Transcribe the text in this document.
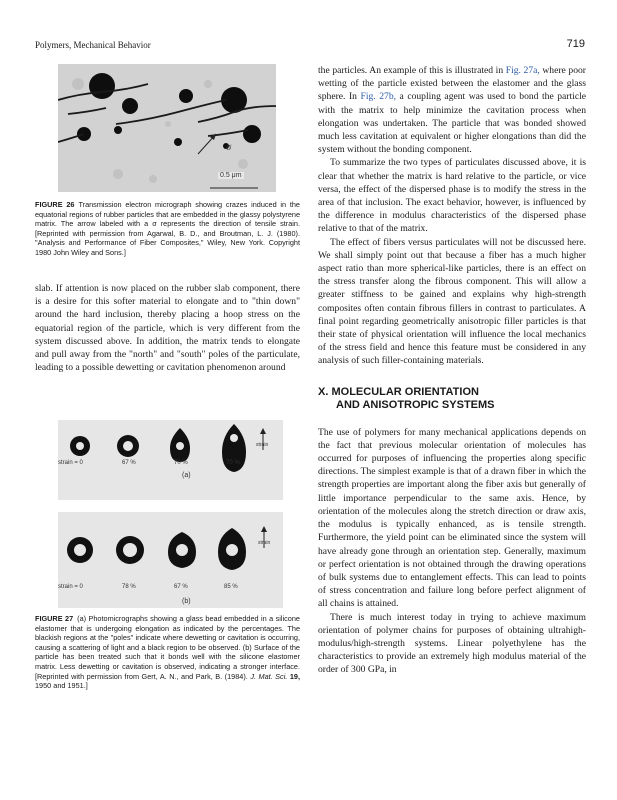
Polymers, Mechanical Behavior	719
σ
0.5 μm

FIGURE 26 Transmission electron micrograph showing crazes induced in the equatorial regions of rubber particles that are embedded in the glassy polystyrene matrix. The arrow labeled with a σ represents the direction of tensile strain. [Reprinted with permission from Agarwal, B. D., and Broutman, L. J. (1980). "Analysis and Performance of Fiber Composites," Wiley, New York. Copyright 1980 John Wiley and Sons.]

slab. If attention is now placed on the rubber slab component, there is a desire for this softer material to elongate and to "thin down" around the hard inclusion, thereby placing a hoop stress on the equatorial region of the particle, which is very different from the system discussed above. In addition, the matrix tends to elongate and pull away from the "north" and "south" poles of the particulate, leading to a possible dewetting or cavitation phenomenon around

strain = 0	67 %	70 %	70 %
strain
(a)
strain = 0	78 %	67 %	85 %
strain
(b)

FIGURE 27 (a) Photomicrographs showing a glass bead embedded in a silicone elastomer that is undergoing elongation as indicated by the percentages. The blackish regions at the "poles" indicate where dewetting or cavitation is occurring, causing a scattering of light and a black region to be observed. (b) Surface of the particle has been treated such that it bonds well with the silicone elastomer matrix. Less dewetting or cavitation is observed, indicating a stronger interface. [Reprinted with permission from Gert, A. N., and Park, B. (1984). J. Mat. Sci. 19, 1950 and 1951.]

the particles. An example of this is illustrated in Fig. 27a, where poor wetting of the particle existed between the elastomer and the glass sphere. In Fig. 27b, a coupling agent was used to bond the particle with the matrix to help minimize the cavitation process when elongation was undertaken. The particle that was bonded showed much less cavitation at equivalent or higher elongations than did the system without the bonding component.

To summarize the two types of particulates discussed above, it is clear that whether the matrix is hard relative to the particle, or vice versa, the effect of the dispersed phase is to modify the stress in the area of that inclusion. The exact behavior, however, is influenced by the difference in modulus characteristics of the dispersed phase relative to that of the matrix.

The effect of fibers versus particulates will not be discussed here. We shall simply point out that because a fiber has a much higher aspect ratio than more spherical-like particles, there is an effect on the stress transfer along the fibrous component. This will allow a greater stiffness to be gained and explains why high-strength composites often contain fibrous fillers in contrast to particulates. A final point regarding geometrically anisotropic filler particles is that their state of physical orientation will influence the local mechanics of the stress field and hence this feature must be considered in any analysis of such filler-containing materials.

X. MOLECULAR ORIENTATION
AND ANISOTROPIC SYSTEMS

The use of polymers for many mechanical applications depends on the fact that previous molecular orientation of molecules has occurred for purposes of influencing the properties along specific directions. The simplest example is that of a drawn fiber in which the strength properties are important along the fiber axis but generally of little importance perpendicular to the same axis. Hence, by orientation of the molecules along the stretch direction or draw axis, the modulus is typically enhanced, as is tensile strength. Furthermore, the yield point can be eliminated since the system will have already gone through an orientation step. Generally, maximum or perfect orientation is not obtained through the drawing operations of bulk systems due to entanglement effects. This can lead to points of stress concentration and failure long before perfect alignment of all chains is attained.

There is much interest today in trying to achieve maximum orientation of polymer chains for purposes of obtaining ultrahigh-modulus/high-strength systems. Linear polyethylene has the characteristics to provide an extremely high modulus material of the order of 300 GPa, in
